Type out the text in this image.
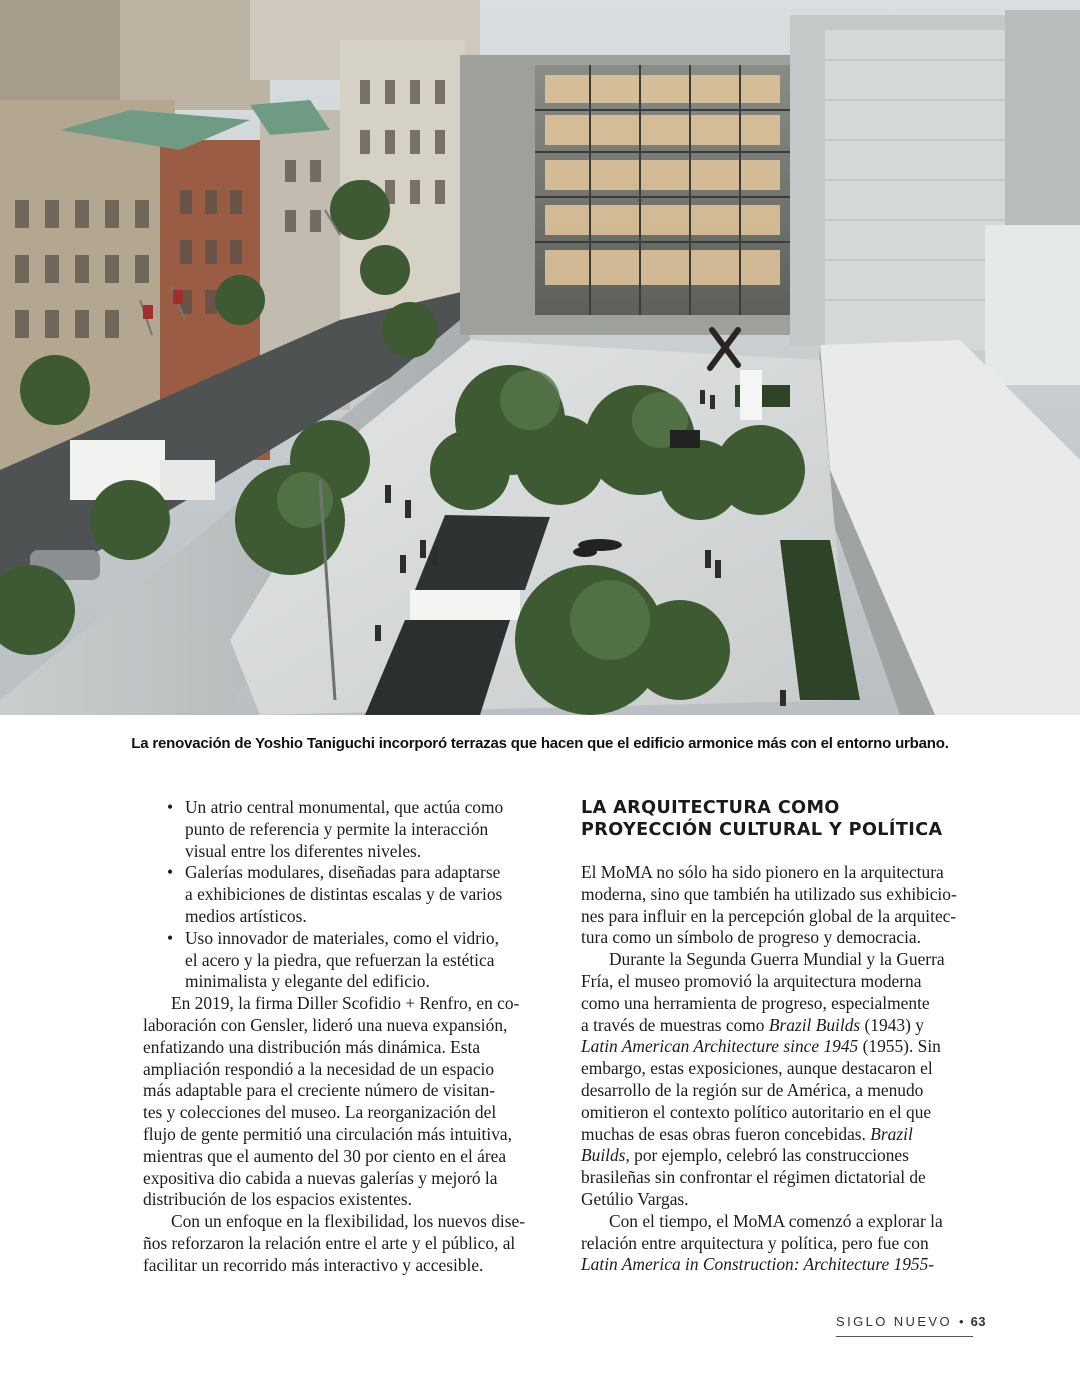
La renovación de Yoshio Taniguchi incorporó terrazas que hacen que el edificio armonice más con el entorno urbano.
• Un atrio central monumental, que actúa como
punto de referencia y permite la interacción
visual entre los diferentes niveles.
• Galerías modulares, diseñadas para adaptarse
a exhibiciones de distintas escalas y de varios
medios artísticos.
• Uso innovador de materiales, como el vidrio,
el acero y la piedra, que refuerzan la estética
minimalista y elegante del edificio.

En 2019, la firma Diller Scofidio + Renfro, en co-
laboración con Gensler, lideró una nueva expansión,
enfatizando una distribución más dinámica. Esta
ampliación respondió a la necesidad de un espacio
más adaptable para el creciente número de visitan-
tes y colecciones del museo. La reorganización del
flujo de gente permitió una circulación más intuitiva,
mientras que el aumento del 30 por ciento en el área
expositiva dio cabida a nuevas galerías y mejoró la
distribución de los espacios existentes.

Con un enfoque en la flexibilidad, los nuevos dise-
ños reforzaron la relación entre el arte y el público, al
facilitar un recorrido más interactivo y accesible.

LA ARQUITECTURA COMO
PROYECCIÓN CULTURAL Y POLÍTICA

El MoMA no sólo ha sido pionero en la arquitectura
moderna, sino que también ha utilizado sus exhibicio-
nes para influir en la percepción global de la arquitec-
tura como un símbolo de progreso y democracia.

Durante la Segunda Guerra Mundial y la Guerra
Fría, el museo promovió la arquitectura moderna
como una herramienta de progreso, especialmente
a través de muestras como Brazil Builds (1943) y
Latin American Architecture since 1945 (1955). Sin
embargo, estas exposiciones, aunque destacaron el
desarrollo de la región sur de América, a menudo
omitieron el contexto político autoritario en el que
muchas de esas obras fueron concebidas. Brazil
Builds, por ejemplo, celebró las construcciones
brasileñas sin confrontar el régimen dictatorial de
Getúlio Vargas.

Con el tiempo, el MoMA comenzó a explorar la
relación entre arquitectura y política, pero fue con
Latin America in Construction: Architecture 1955-

SIGLO NUEVO • 63
